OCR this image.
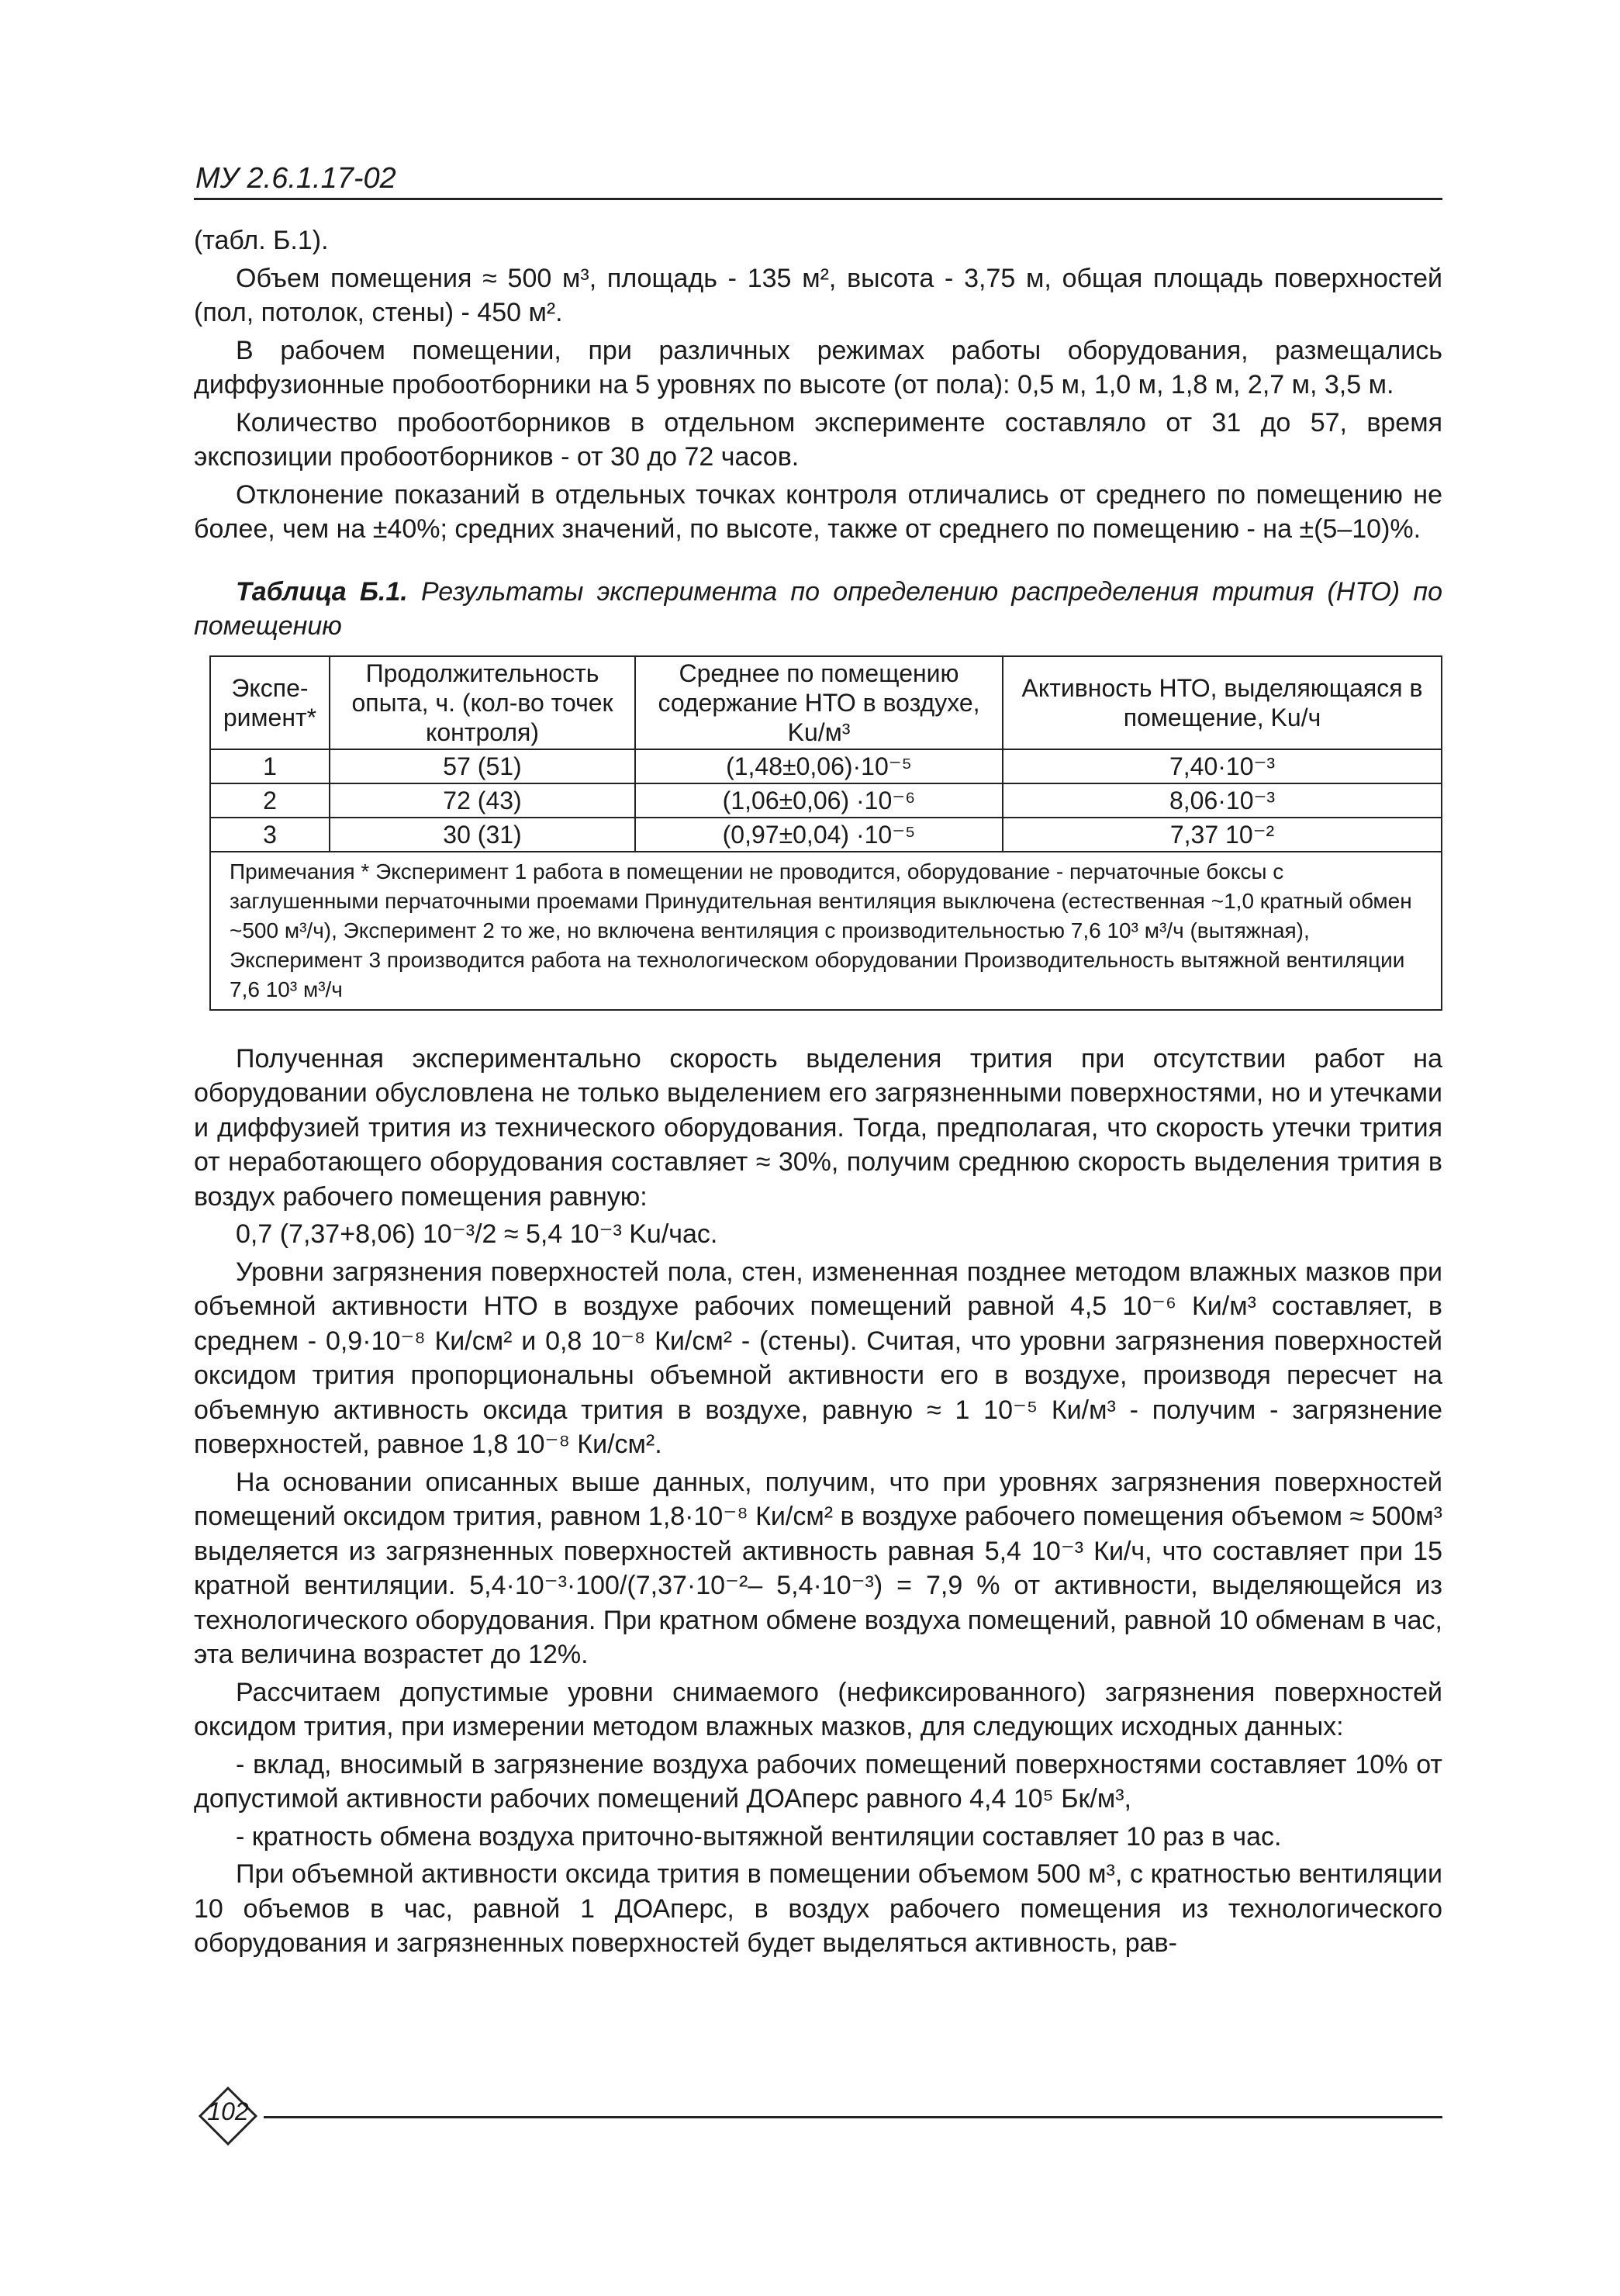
МУ 2.6.1.17-02

(табл. Б.1).

Объем помещения ≈ 500 м³, площадь - 135 м², высота - 3,75 м, общая площадь поверхностей (пол, потолок, стены) - 450 м².

В рабочем помещении, при различных режимах работы оборудования, размещались диффузионные пробоотборники на 5 уровнях по высоте (от пола): 0,5 м, 1,0 м, 1,8 м, 2,7 м, 3,5 м.

Количество пробоотборников в отдельном эксперименте составляло от 31 до 57, время экспозиции пробоотборников - от 30 до 72 часов.

Отклонение показаний в отдельных точках контроля отличались от среднего по помещению не более, чем на ±40%; средних значений, по высоте, также от среднего по помещению - на ±(5–10)%.

Таблица Б.1. Результаты эксперимента по определению распределения трития (НТО) по помещению
Экспе-римент*	Продолжительность опыта, ч. (кол-во точек контроля)	Среднее по помещению содержание НТО в воздухе, Ku/м³	Активность НТО, выделяющаяся в помещение, Ku/ч
1	57 (51)	(1,48±0,06)·10⁻⁵	7,40·10⁻³
2	72 (43)	(1,06±0,06) ·10⁻⁶	8,06·10⁻³
3	30 (31)	(0,97±0,04) ·10⁻⁵	7,37 10⁻²
Примечания * Эксперимент 1 работа в помещении не проводится, оборудование - перчаточные боксы с заглушенными перчаточными проемами Принудительная вентиляция выключена (естественная ~1,0 кратный обмен ~500 м³/ч), Эксперимент 2 то же, но включена вентиляция с производительностью 7,6 10³ м³/ч (вытяжная), Эксперимент 3 производится работа на технологическом оборудовании Производительность вытяжной вентиляции 7,6 10³ м³/ч			

Полученная экспериментально скорость выделения трития при отсутствии работ на оборудовании обусловлена не только выделением его загрязненными поверхностями, но и утечками и диффузией трития из технического оборудования. Тогда, предполагая, что скорость утечки трития от неработающего оборудования составляет ≈ 30%, получим среднюю скорость выделения трития в воздух рабочего помещения равную:

0,7 (7,37+8,06) 10⁻³/2 ≈ 5,4 10⁻³ Ku/час.

Уровни загрязнения поверхностей пола, стен, измененная позднее методом влажных мазков при объемной активности НТО в воздухе рабочих помещений равной 4,5 10⁻⁶ Ки/м³ составляет, в среднем - 0,9·10⁻⁸ Ки/см² и 0,8 10⁻⁸ Ки/см² - (стены). Считая, что уровни загрязнения поверхностей оксидом трития пропорциональны объемной активности его в воздухе, производя пересчет на объемную активность оксида трития в воздухе, равную ≈ 1 10⁻⁵ Ки/м³ - получим - загрязнение поверхностей, равное 1,8 10⁻⁸ Ки/см².

На основании описанных выше данных, получим, что при уровнях загрязнения поверхностей помещений оксидом трития, равном 1,8·10⁻⁸ Ки/см² в воздухе рабочего помещения объемом ≈ 500м³ выделяется из загрязненных поверхностей активность равная 5,4 10⁻³ Ки/ч, что составляет при 15 кратной вентиляции. 5,4·10⁻³·100/(7,37·10⁻²– 5,4·10⁻³) = 7,9 % от активности, выделяющейся из технологического оборудования. При кратном обмене воздуха помещений, равной 10 обменам в час, эта величина возрастет до 12%.

Рассчитаем допустимые уровни снимаемого (нефиксированного) загрязнения поверхностей оксидом трития, при измерении методом влажных мазков, для следующих исходных данных:

- вклад, вносимый в загрязнение воздуха рабочих помещений поверхностями составляет 10% от допустимой активности рабочих помещений ДОАперс равного 4,4 10⁵ Бк/м³,

- кратность обмена воздуха приточно-вытяжной вентиляции составляет 10 раз в час.

При объемной активности оксида трития в помещении объемом 500 м³, с кратностью вентиляции 10 объемов в час, равной 1 ДОАперс, в воздух рабочего помещения из технологического оборудования и загрязненных поверхностей будет выделяться активность, рав-

102
